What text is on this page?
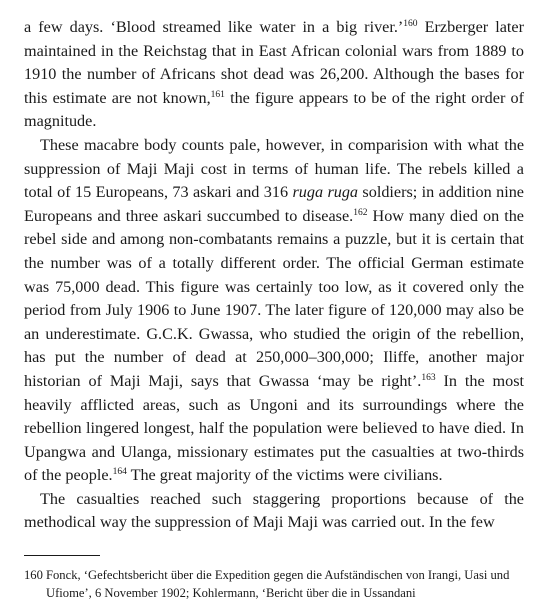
a few days. ‘Blood streamed like water in a big river.’$^{160}$ Erzberger later maintained in the Reichstag that in East African colonial wars from 1889 to 1910 the number of Africans shot dead was 26,200. Although the bases for this estimate are not known,$^{161}$ the figure appears to be of the right order of magnitude.

These macabre body counts pale, however, in comparision with what the suppression of Maji Maji cost in terms of human life. The rebels killed a total of 15 Europeans, 73 askari and 316 ruga ruga soldiers; in addition nine Europeans and three askari succumbed to disease.$^{162}$ How many died on the rebel side and among non-combatants remains a puzzle, but it is certain that the number was of a totally different order. The official German estimate was 75,000 dead. This figure was certainly too low, as it covered only the period from July 1906 to June 1907. The later figure of 120,000 may also be an underestimate. G.C.K. Gwassa, who studied the origin of the rebellion, has put the number of dead at 250,000–300,000; Iliffe, another major historian of Maji Maji, says that Gwassa ‘may be right’.$^{163}$ In the most heavily afflicted areas, such as Ungoni and its surroundings where the rebellion lingered longest, half the population were believed to have died. In Upangwa and Ulanga, missionary estimates put the casualties at two-thirds of the people.$^{164}$ The great majority of the victims were civilians.

The casualties reached such staggering proportions because of the methodical way the suppression of Maji Maji was carried out. In the few

160 Fonck, ‘Gefechtsbericht über die Expedition gegen die Aufständischen von Irangi, Uasi und Ufiome’, 6 November 1902; Kohlermann, ‘Bericht über die in Ussandani
